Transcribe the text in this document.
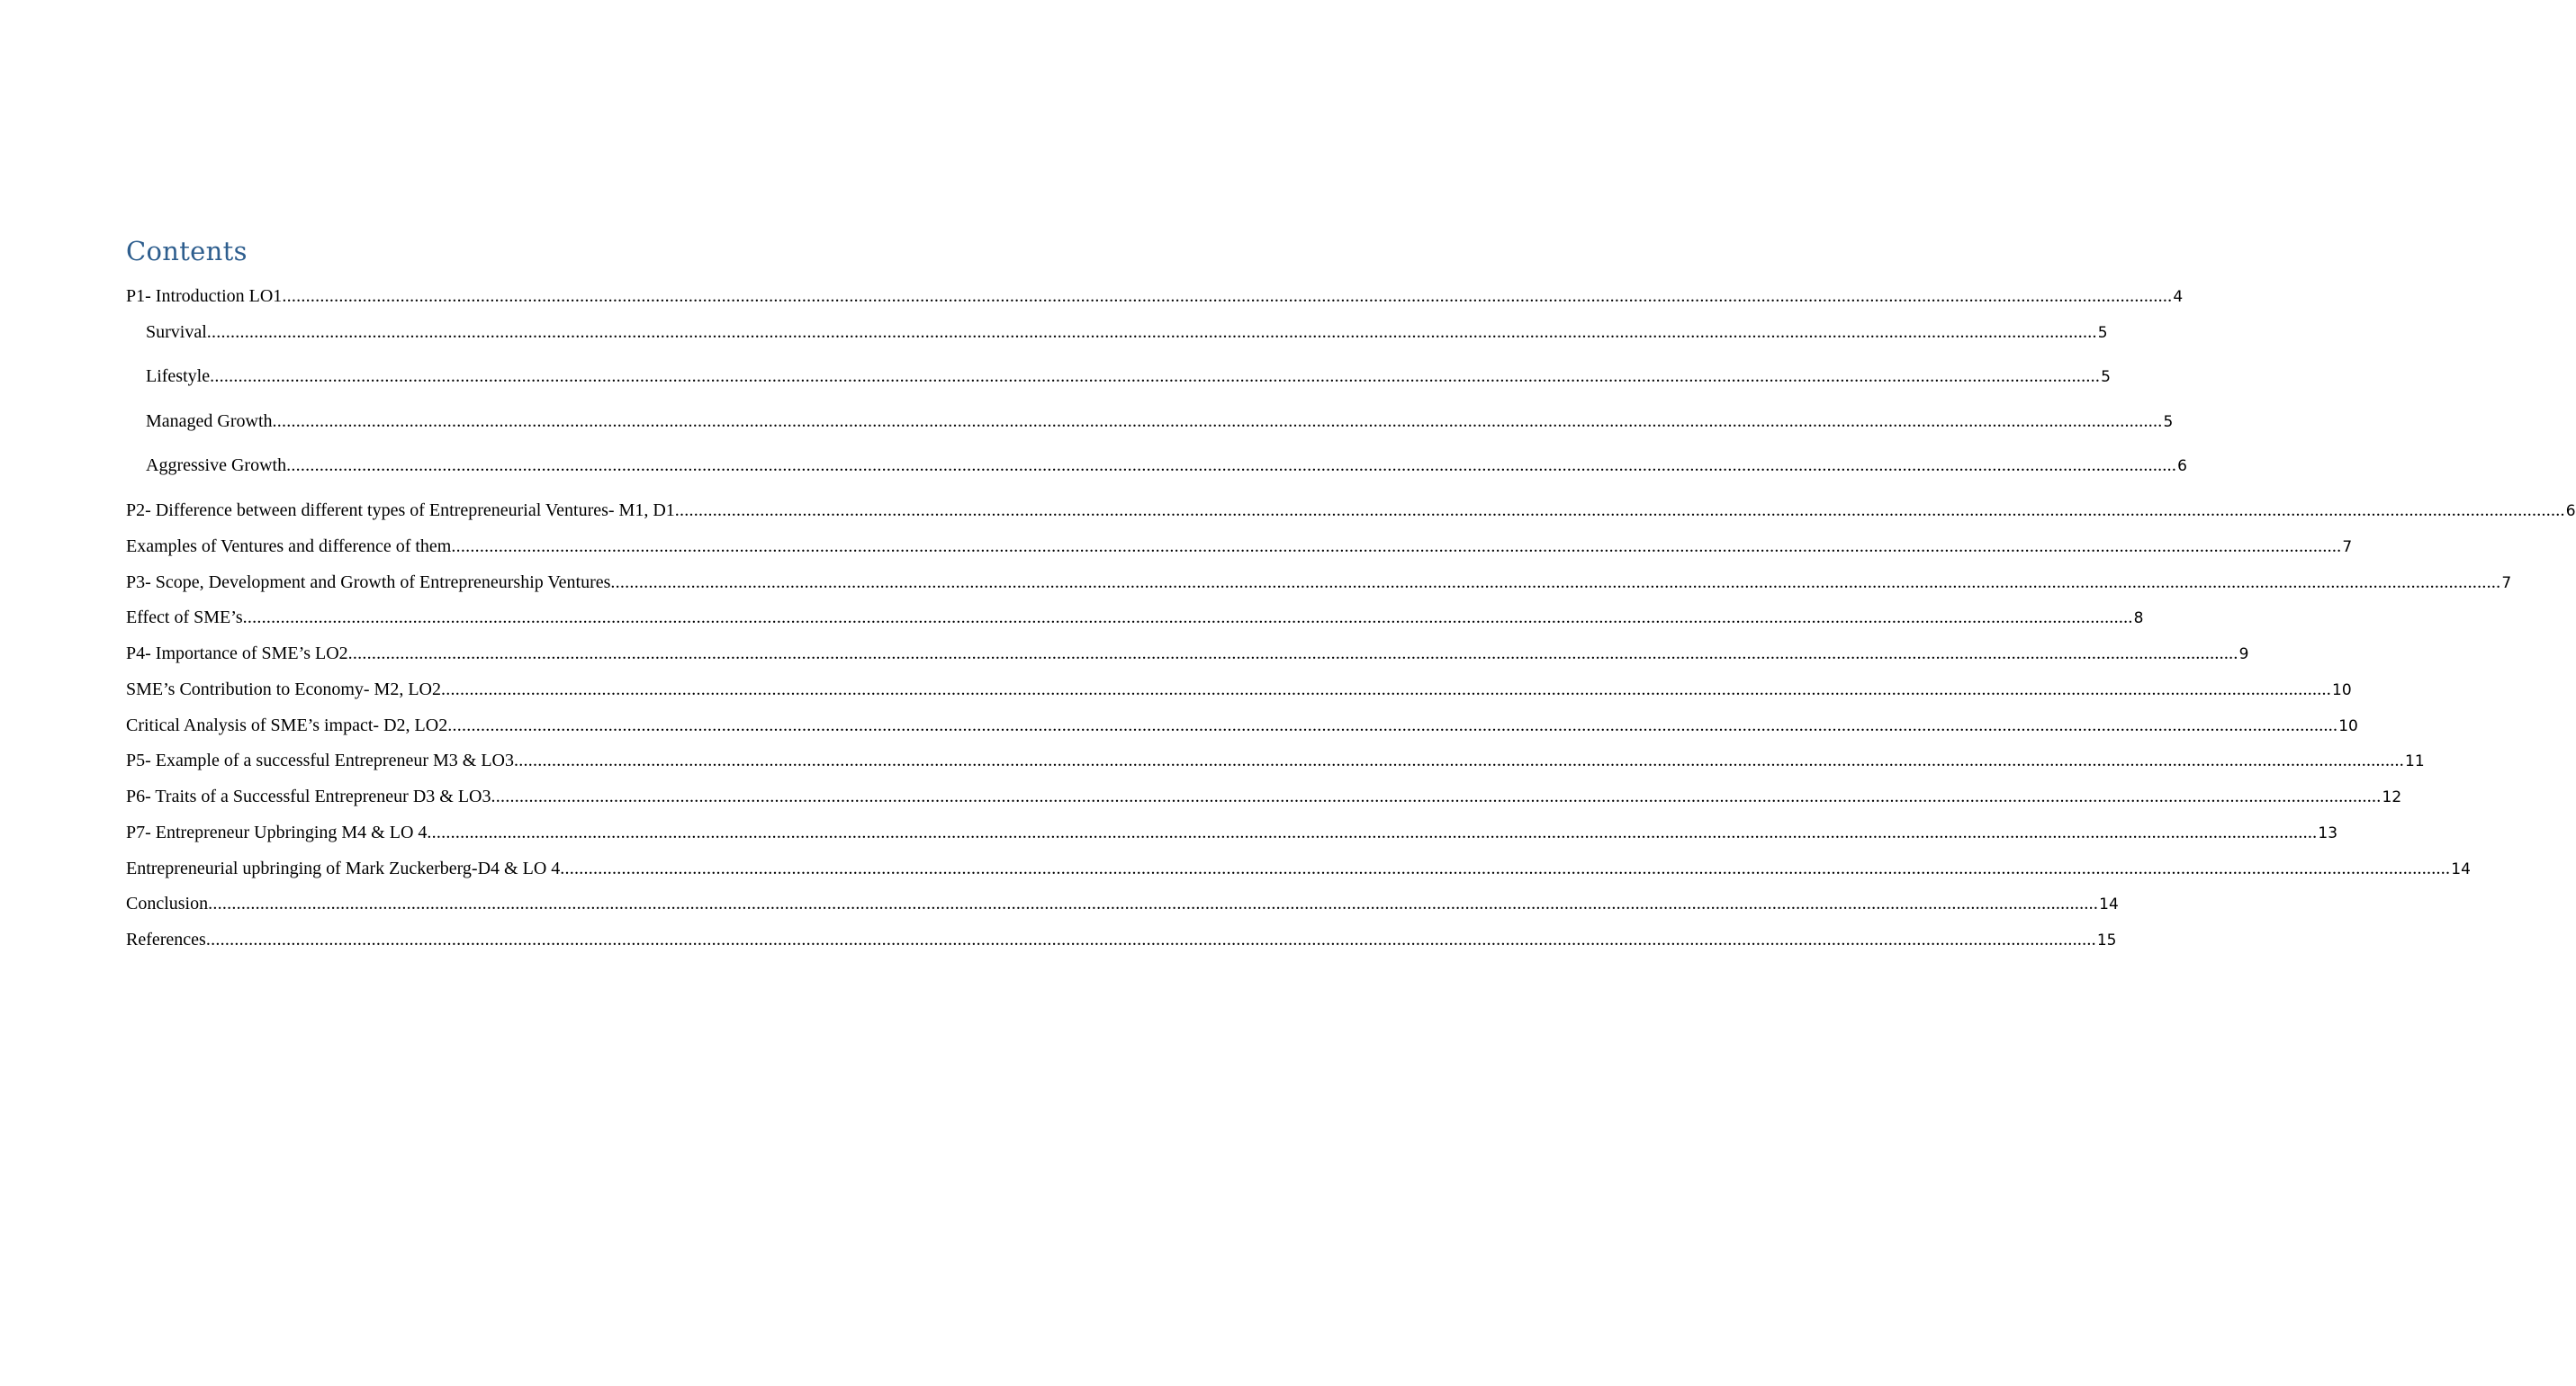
Contents
P1- Introduction LO1 ................................................................................................................................................................................................................................................................................................................................................................................................................ 4
Survival ................................................................................................................................................................................................................................................................................................................................................................................................................ 5
Lifestyle ................................................................................................................................................................................................................................................................................................................................................................................................................ 5
Managed Growth ................................................................................................................................................................................................................................................................................................................................................................................................................ 5
Aggressive Growth ................................................................................................................................................................................................................................................................................................................................................................................................................ 6
P2- Difference between different types of Entrepreneurial Ventures- M1, D1 ................................................................................................................................................................................................................................................................................................................................................................................................................ 6
Examples of Ventures and difference of them ................................................................................................................................................................................................................................................................................................................................................................................................................ 7
P3- Scope, Development and Growth of Entrepreneurship Ventures ................................................................................................................................................................................................................................................................................................................................................................................................................ 7
Effect of SME’s ................................................................................................................................................................................................................................................................................................................................................................................................................ 8
P4- Importance of SME’s LO2 ................................................................................................................................................................................................................................................................................................................................................................................................................ 9
SME’s Contribution to Economy- M2, LO2 ................................................................................................................................................................................................................................................................................................................................................................................................................ 10
Critical Analysis of SME’s impact- D2, LO2 ................................................................................................................................................................................................................................................................................................................................................................................................................ 10
P5- Example of a successful Entrepreneur M3 & LO3 ................................................................................................................................................................................................................................................................................................................................................................................................................ 11
P6- Traits of a Successful Entrepreneur D3 & LO3 ................................................................................................................................................................................................................................................................................................................................................................................................................ 12
P7- Entrepreneur Upbringing M4 & LO 4 ................................................................................................................................................................................................................................................................................................................................................................................................................ 13
Entrepreneurial upbringing of Mark Zuckerberg-D4 & LO 4 ................................................................................................................................................................................................................................................................................................................................................................................................................ 14
Conclusion ................................................................................................................................................................................................................................................................................................................................................................................................................ 14
References ................................................................................................................................................................................................................................................................................................................................................................................................................ 15
